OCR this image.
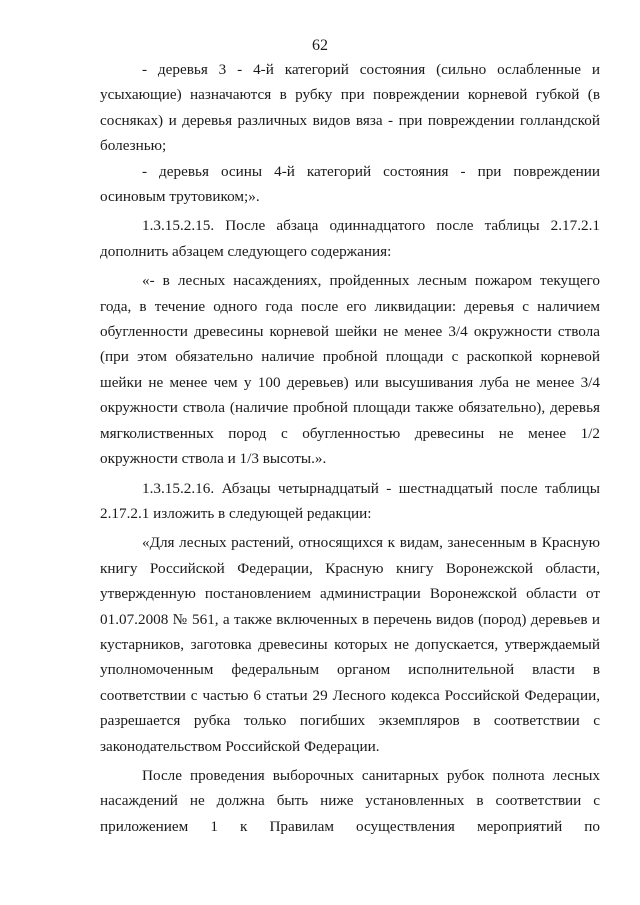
62

- деревья 3 - 4-й категорий состояния (сильно ослабленные и усыхающие) назначаются в рубку при повреждении корневой губкой (в сосняках) и деревья различных видов вяза - при повреждении голландской болезнью;

- деревья осины 4-й категорий состояния - при повреждении осиновым трутовиком;».

1.3.15.2.15. После абзаца одиннадцатого после таблицы 2.17.2.1 дополнить абзацем следующего содержания:

«- в лесных насаждениях, пройденных лесным пожаром текущего года, в течение одного года после его ликвидации: деревья с наличием обугленности древесины корневой шейки не менее 3/4 окружности ствола (при этом обязательно наличие пробной площади с раскопкой корневой шейки не менее чем у 100 деревьев) или высушивания луба не менее 3/4 окружности ствола (наличие пробной площади также обязательно), деревья мягколиственных пород с обугленностью древесины не менее 1/2 окружности ствола и 1/3 высоты.».

1.3.15.2.16. Абзацы четырнадцатый - шестнадцатый после таблицы 2.17.2.1 изложить в следующей редакции:

«Для лесных растений, относящихся к видам, занесенным в Красную книгу Российской Федерации, Красную книгу Воронежской области, утвержденную постановлением администрации Воронежской области от 01.07.2008 № 561, а также включенных в перечень видов (пород) деревьев и кустарников, заготовка древесины которых не допускается, утверждаемый уполномоченным федеральным органом исполнительной власти в соответствии с частью 6 статьи 29 Лесного кодекса Российской Федерации, разрешается рубка только погибших экземпляров в соответствии с законодательством Российской Федерации.

После проведения выборочных санитарных рубок полнота лесных насаждений не должна быть ниже установленных в соответствии с приложением 1 к Правилам осуществления мероприятий по
